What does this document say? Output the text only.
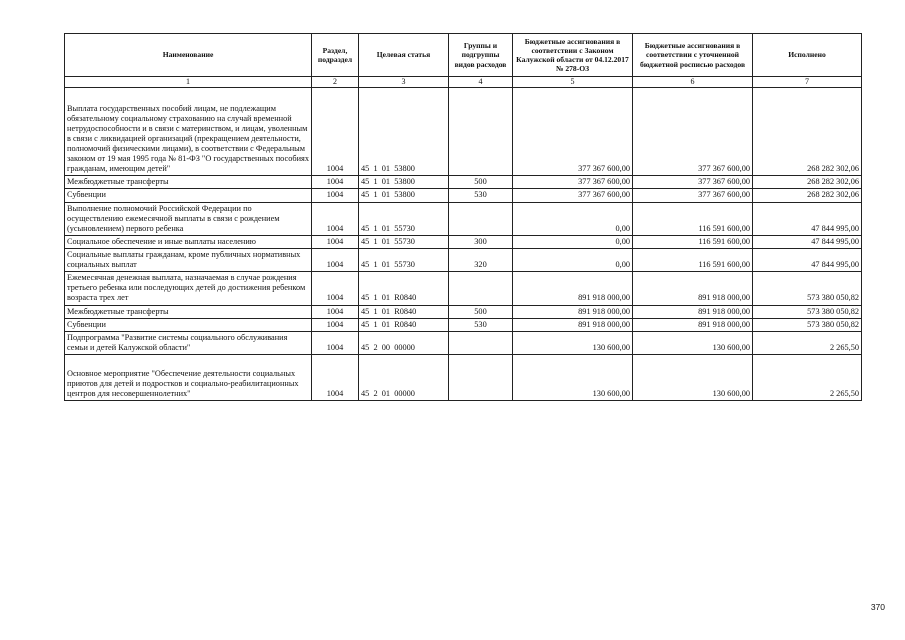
Наименование	Раздел, подраздел	Целевая статья	Группы и подгруппы видов расходов	Бюджетные ассигнования в соответствии с Законом Калужской области от 04.12.2017 № 278-ОЗ	Бюджетные ассигнования в соответствии с уточненной бюджетной росписью расходов	Исполнено
1	2	3	4	5	6	7
Выплата государственных пособий лицам, не подлежащим обязательному социальному страхованию на случай временной нетрудоспособности и в связи с материнством, и лицам, уволенным в связи с ликвидацией организаций (прекращением деятельности, полномочий физическими лицами), в соответствии с Федеральным законом от 19 мая 1995 года № 81-ФЗ "О государственных пособиях гражданам, имеющим детей"	1004	45  1  01  53800		377 367 600,00	377 367 600,00	268 282 302,06
Межбюджетные трансферты	1004	45  1  01  53800	500	377 367 600,00	377 367 600,00	268 282 302,06
Субвенции	1004	45  1  01  53800	530	377 367 600,00	377 367 600,00	268 282 302,06
Выполнение полномочий Российской Федерации по осуществлению ежемесячной выплаты в связи с рождением (усыновлением) первого ребенка	1004	45  1  01  55730		0,00	116 591 600,00	47 844 995,00
Социальное обеспечение и иные выплаты населению	1004	45  1  01  55730	300	0,00	116 591 600,00	47 844 995,00
Социальные выплаты гражданам, кроме публичных нормативных социальных выплат	1004	45  1  01  55730	320	0,00	116 591 600,00	47 844 995,00
Ежемесячная денежная выплата, назначаемая в случае рождения третьего ребенка или последующих детей до достижения ребенком возраста трех лет	1004	45  1  01  R0840		891 918 000,00	891 918 000,00	573 380 050,82
Межбюджетные трансферты	1004	45  1  01  R0840	500	891 918 000,00	891 918 000,00	573 380 050,82
Субвенции	1004	45  1  01  R0840	530	891 918 000,00	891 918 000,00	573 380 050,82
Подпрограмма "Развитие системы социального обслуживания семьи и детей Калужской области"	1004	45  2  00  00000		130 600,00	130 600,00	2 265,50
Основное мероприятие "Обеспечение деятельности социальных приютов для детей и подростков и социально-реабилитационных центров для несовершеннолетних"	1004	45  2  01  00000		130 600,00	130 600,00	2 265,50
370
